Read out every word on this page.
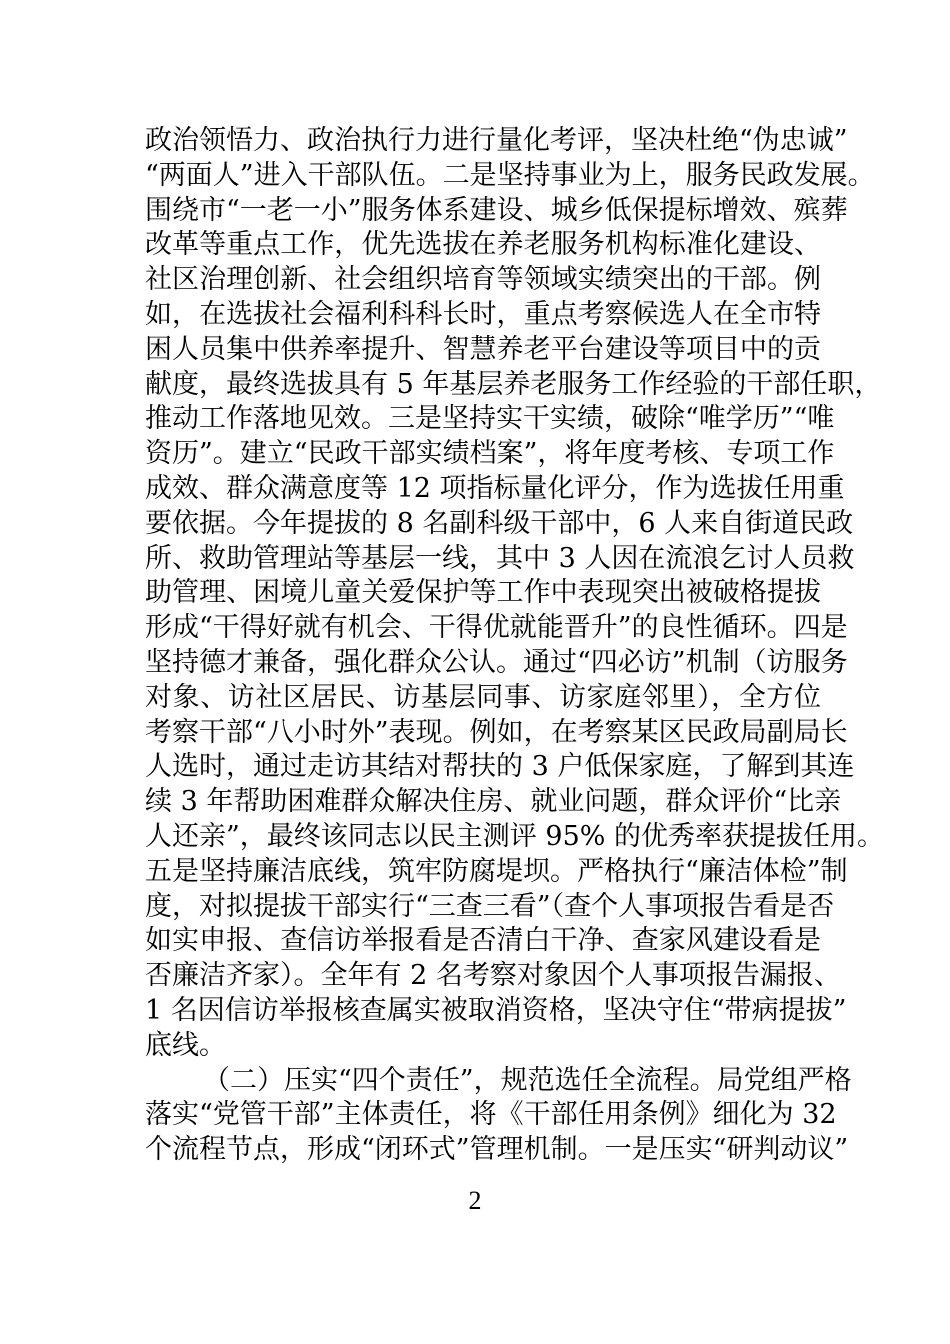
政治领悟力、政治执行力进行量化考评，坚决杜绝“伪忠诚”
“两面人”进入干部队伍。二是坚持事业为上，服务民政发展。
围绕市“一老一小”服务体系建设、城乡低保提标增效、殡葬
改革等重点工作，优先选拔在养老服务机构标准化建设、
社区治理创新、社会组织培育等领域实绩突出的干部。例
如，在选拔社会福利科科长时，重点考察候选人在全市特
困人员集中供养率提升、智慧养老平台建设等项目中的贡
献度，最终选拔具有 5 年基层养老服务工作经验的干部任职，
推动工作落地见效。三是坚持实干实绩，破除“唯学历”“唯
资历”。建立“民政干部实绩档案”，将年度考核、专项工作
成效、群众满意度等 12 项指标量化评分，作为选拔任用重
要依据。今年提拔的 8 名副科级干部中，6 人来自街道民政
所、救助管理站等基层一线，其中 3 人因在流浪乞讨人员救
助管理、困境儿童关爱保护等工作中表现突出被破格提拔
形成“干得好就有机会、干得优就能晋升”的良性循环。四是
坚持德才兼备，强化群众公认。通过“四必访”机制（访服务
对象、访社区居民、访基层同事、访家庭邻里），全方位
考察干部“八小时外”表现。例如，在考察某区民政局副局长
人选时，通过走访其结对帮扶的 3 户低保家庭，了解到其连
续 3 年帮助困难群众解决住房、就业问题，群众评价“比亲
人还亲”，最终该同志以民主测评 95% 的优秀率获提拔任用。
五是坚持廉洁底线，筑牢防腐堤坝。严格执行“廉洁体检”制
度，对拟提拔干部实行“三查三看”（查个人事项报告看是否
如实申报、查信访举报看是否清白干净、查家风建设看是
否廉洁齐家）。全年有 2 名考察对象因个人事项报告漏报、
1 名因信访举报核查属实被取消资格，坚决守住“带病提拔”
底线。
（二）压实“四个责任”，规范选任全流程。局党组严格
落实“党管干部”主体责任，将《干部任用条例》细化为 32
个流程节点，形成“闭环式”管理机制。一是压实“研判动议”
2
